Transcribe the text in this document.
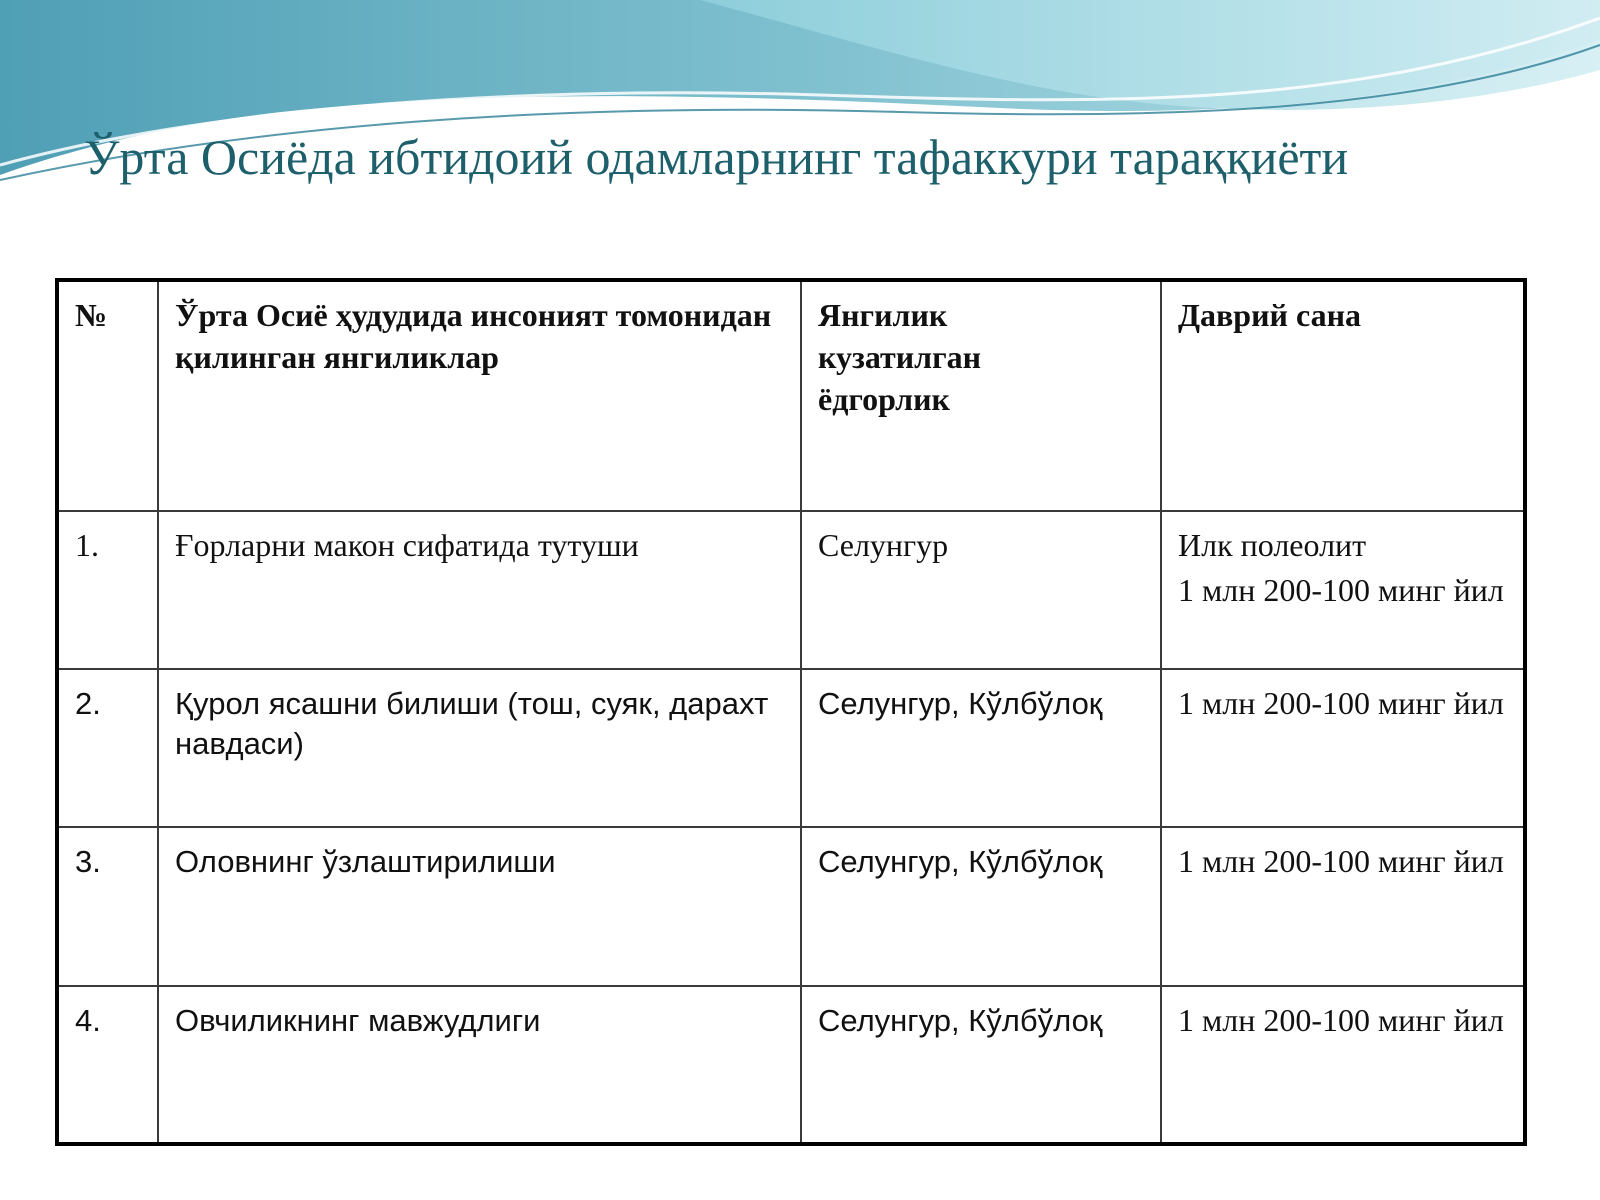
Ўрта Осиёда ибтидоий одамларнинг тафаккури тараққиёти
№	Ўрта Осиё ҳудудида инсоният томонидан қилинган янгиликлар	Янгилик кузатилган ёдгорлик	Даврий сана
1.	Ғорларни макон сифатида тутуши	Селунгур	Илк полеолит
1 млн 200-100 минг йил

2.	Қурол ясашни билиши (тош, суяк, дарахт навдаси)	Селунгур, Кўлбўлоқ	1 млн 200-100 минг йил
3.	Оловнинг ўзлаштирилиши	Селунгур, Кўлбўлоқ	1 млн 200-100 минг йил
4.	Овчиликнинг мавжудлиги	Селунгур, Кўлбўлоқ	1 млн 200-100 минг йил
